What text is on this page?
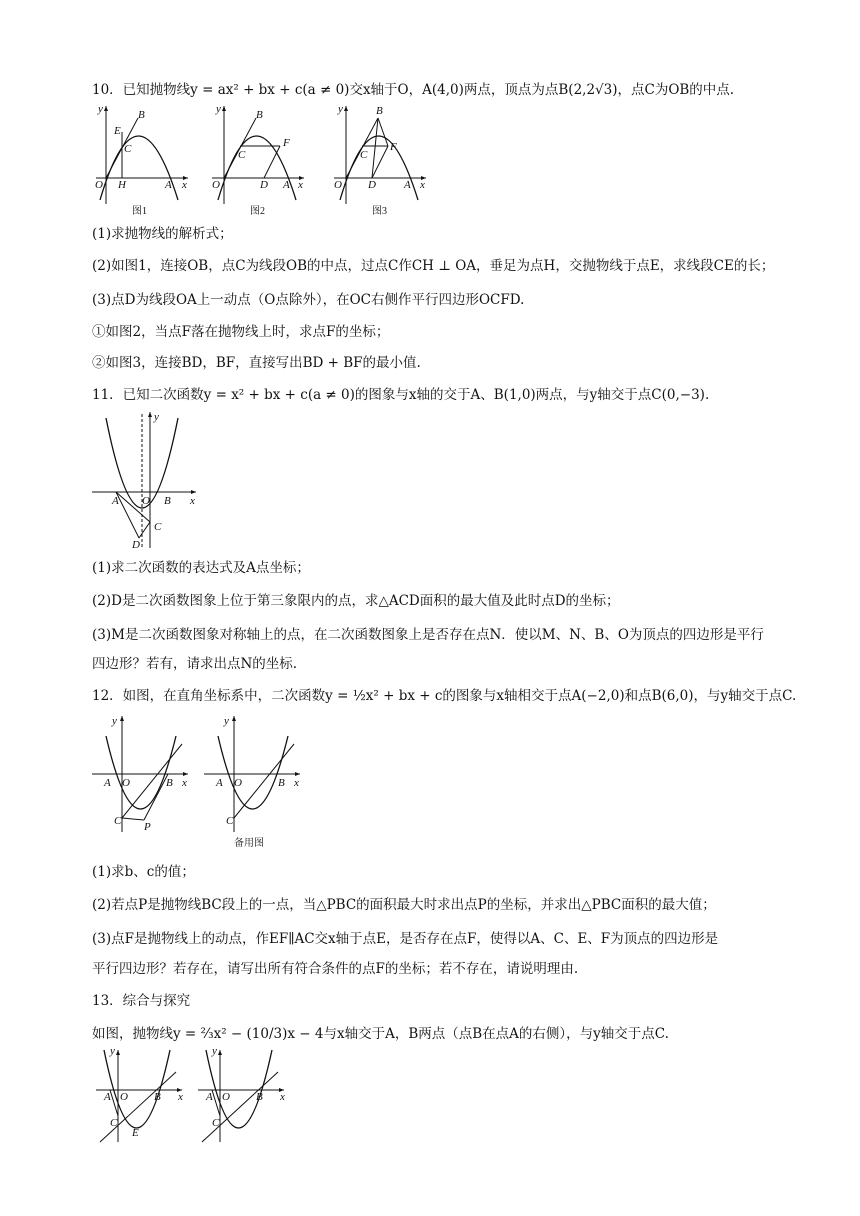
10．已知抛物线y = ax² + bx + c(a ≠ 0)交x轴于O，A(4,0)两点，顶点为点B(2,2√3)，点C为OB的中点.
y
x
O H	A
B
E
C
图1
y
x
O	D A
B
C
F
图2
y
x
O D	A
B
C
F
图3
(1)求抛物线的解析式；
(2)如图1，连接OB，点C为线段OB的中点，过点C作CH ⊥ OA，垂足为点H，交抛物线于点E，求线段CE的长；
(3)点D为线段OA上一动点（O点除外），在OC右侧作平行四边形OCFD.
①如图2，当点F落在抛物线上时，求点F的坐标；
②如图3，连接BD，BF，直接写出BD + BF的最小值.
11．已知二次函数y = x² + bx + c(a ≠ 0)的图象与x轴的交于A、B(1,0)两点，与y轴交于点C(0,−3).
y
x
A O B
C
D
(1)求二次函数的表达式及A点坐标；
(2)D是二次函数图象上位于第三象限内的点，求△ACD面积的最大值及此时点D的坐标；
(3)M是二次函数图象对称轴上的点，在二次函数图象上是否存在点N．使以M、N、B、O为顶点的四边形是平行
四边形？若有，请求出点N的坐标.
12．如图，在直角坐标系中，二次函数y = ½x² + bx + c的图象与x轴相交于点A(−2,0)和点B(6,0)，与y轴交于点C.
y
x
A O	B
C P
y
x
A O	B
C
备用图
(1)求b、c的值；
(2)若点P是抛物线BC段上的一点，当△PBC的面积最大时求出点P的坐标，并求出△PBC面积的最大值；
(3)点F是抛物线上的动点，作EF∥AC交x轴于点E，是否存在点F，使得以A、C、E、F为顶点的四边形是
平行四边形？若存在，请写出所有符合条件的点F的坐标；若不存在，请说明理由.
13．综合与探究
如图，抛物线y = ⅔x² − (10/3)x − 4与x轴交于A，B两点（点B在点A的右侧），与y轴交于点C.
y
x
A O B
C
E
y
x
A O B
C
